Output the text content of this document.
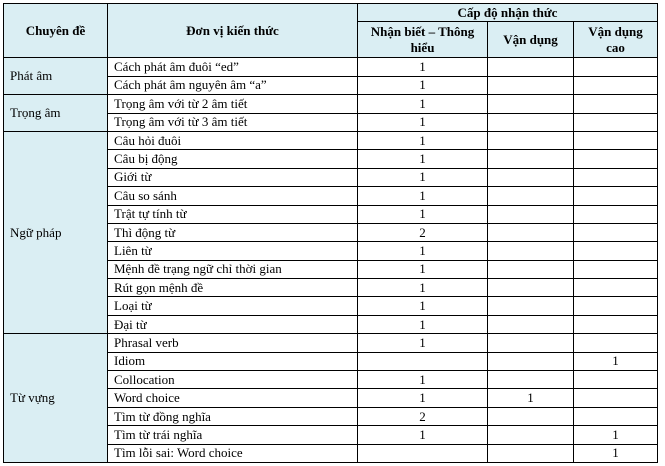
Chuyên đề	Đơn vị kiến thức	Cấp độ nhận thức		
		Nhận biết – Thông hiểu	Vận dụng	Vận dụng cao
Phát âm	Cách phát âm đuôi “ed”	1		
	Cách phát âm nguyên âm “a”	1		
Trọng âm	Trọng âm với từ 2 âm tiết	1		
	Trọng âm với từ 3 âm tiết	1		
Ngữ pháp	Câu hỏi đuôi	1		
	Câu bị động	1		
	Giới từ	1		
	Câu so sánh	1		
	Trật tự tính từ	1		
	Thì động từ	2		
	Liên từ	1		
	Mệnh đề trạng ngữ chỉ thời gian	1		
	Rút gọn mệnh đề	1		
	Loại từ	1		
	Đại từ	1		
Từ vựng	Phrasal verb	1		
	Idiom			1
	Collocation	1		
	Word choice	1	1	
	Tìm từ đồng nghĩa	2		
	Tìm từ trái nghĩa	1		1
	Tìm lỗi sai: Word choice			1
